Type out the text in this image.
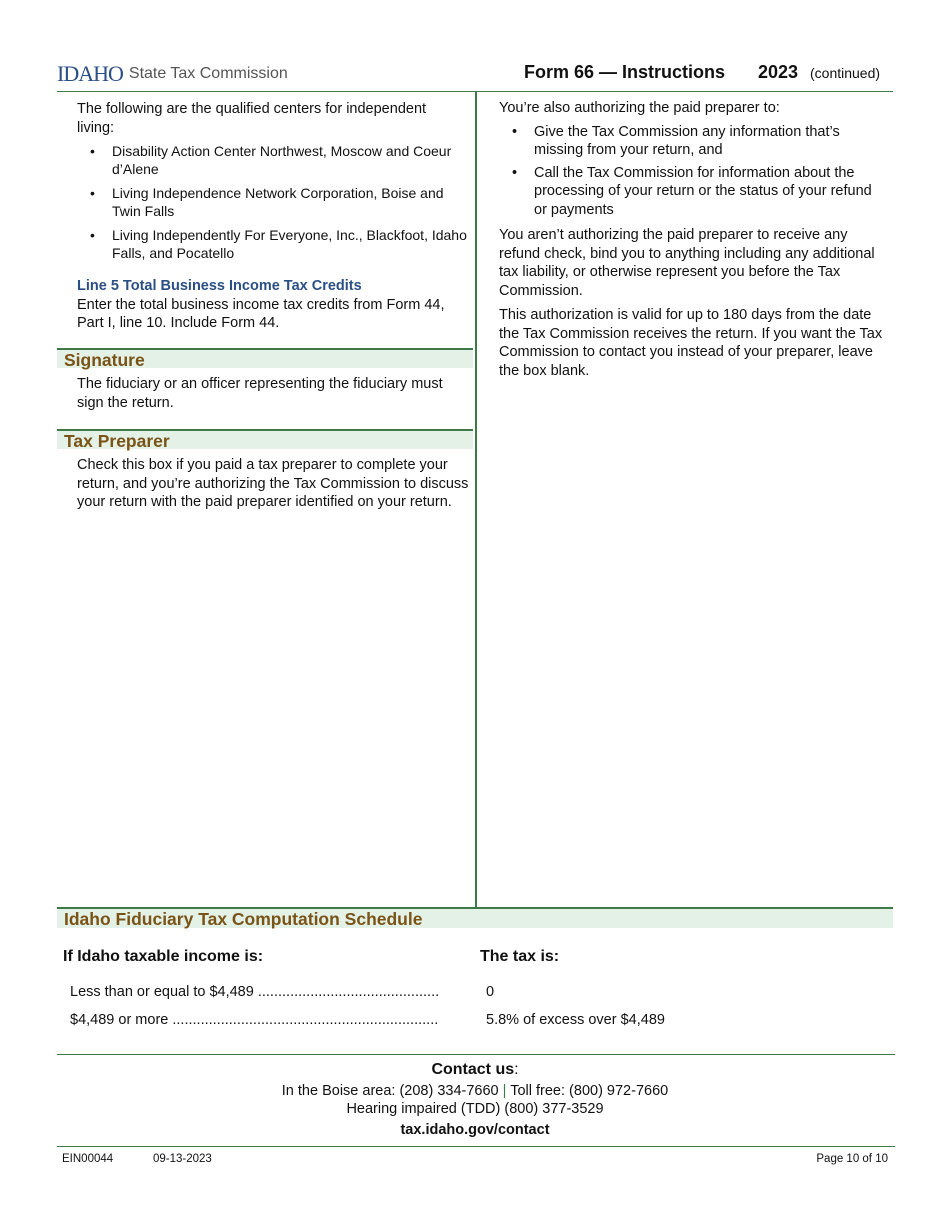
IDAHO State Tax Commission	Form 66 — Instructions 2023 (continued)

The following are the qualified centers for independent living:

• Disability Action Center Northwest, Moscow and Coeur d’Alene
• Living Independence Network Corporation, Boise and Twin Falls
• Living Independently For Everyone, Inc., Blackfoot, Idaho Falls, and Pocatello

Line 5 Total Business Income Tax Credits

Enter the total business income tax credits from Form 44, Part I, line 10. Include Form 44.

Signature
The fiduciary or an officer representing the fiduciary must sign the return.
Tax Preparer
Check this box if you paid a tax preparer to complete your return, and you’re authorizing the Tax Commission to discuss your return with the paid preparer identified on your return.

You’re also authorizing the paid preparer to:

• Give the Tax Commission any information that’s missing from your return, and
• Call the Tax Commission for information about the processing of your return or the status of your refund or payments

You aren’t authorizing the paid preparer to receive any refund check, bind you to anything including any additional tax liability, or otherwise represent you before the Tax Commission.

This authorization is valid for up to 180 days from the date the Tax Commission receives the return. If you want the Tax Commission to contact you instead of your preparer, leave the box blank.

Idaho Fiduciary Tax Computation Schedule
If Idaho taxable income is:	The tax is:
Less than or equal to $4,489 .............................................	0
$4,489 or more ..................................................................	5.8% of excess over $4,489
Contact us:
In the Boise area: (208) 334-7660 | Toll free: (800) 972-7660
Hearing impaired (TDD) (800) 377-3529
tax.idaho.gov/contact
EIN00044	09-13-2023	Page 10 of 10
